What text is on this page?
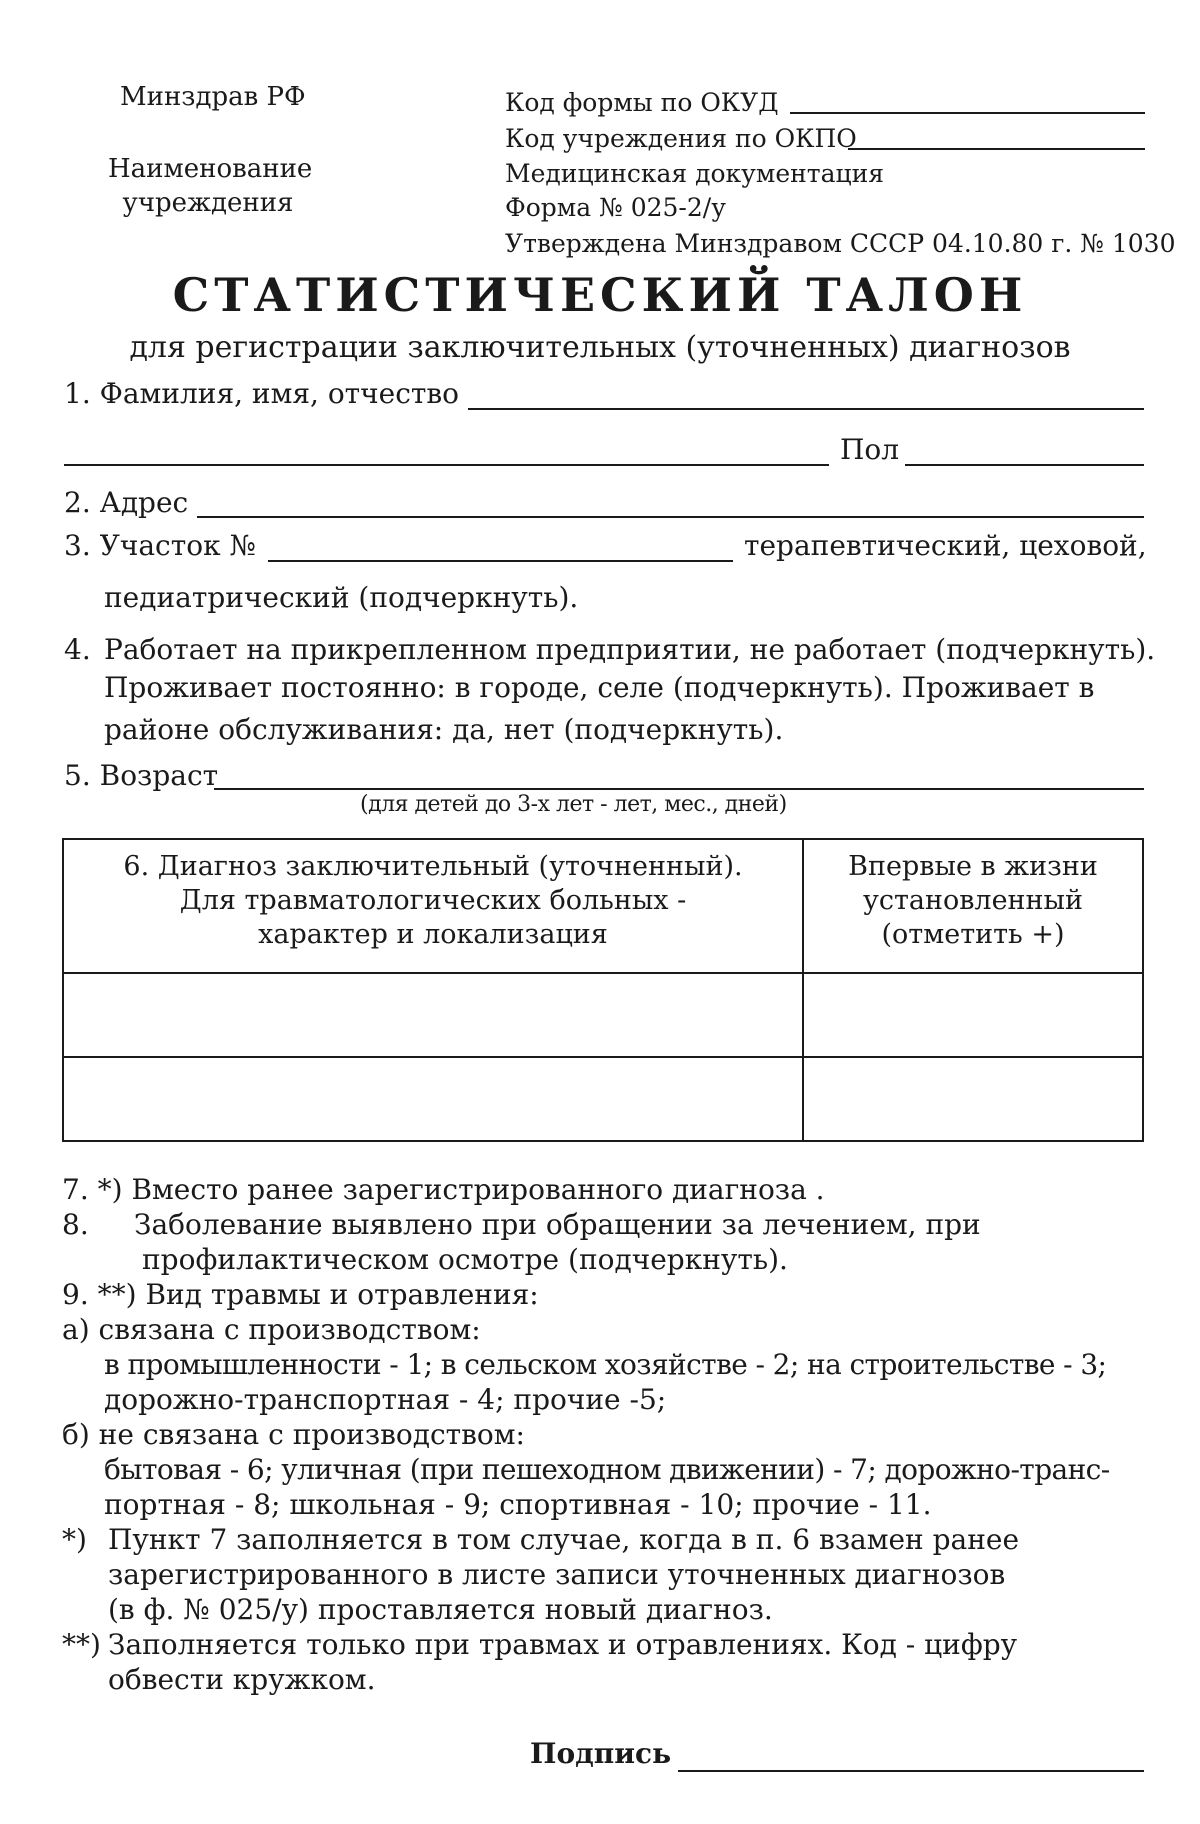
Минздрав РФ
Наименование
учреждения
Код формы по ОКУД
Код учреждения по ОКПО
Медицинская документация
Форма № 025-2/у
Утверждена Минздравом СССР 04.10.80 г. № 1030
СТАТИСТИЧЕСКИЙ ТАЛОН
для регистрации заключительных (уточненных) диагнозов
1. Фамилия, имя, отчество
Пол
2. Адрес
3. Участок №	терапевтический, цеховой,
педиатрический (подчеркнуть).
4. Работает на прикрепленном предприятии, не работает (подчеркнуть).
Проживает постоянно: в городе, селе (подчеркнуть). Проживает в
районе обслуживания: да, нет (подчеркнуть).
5. Возраст
(для детей до 3-х лет - лет, мес., дней)
6. Диагноз заключительный (уточненный).
Для травматологических больных -
характер и локализация	Впервые в жизни
установленный
(отметить +)

7. *) Вместо ранее зарегистрированного диагноза .
8. Заболевание выявлено при обращении за лечением, при
профилактическом осмотре (подчеркнуть).
9. **) Вид травмы и отравления:
а) связана с производством:
в промышленности - 1; в сельском хозяйстве - 2; на строительстве - 3;
дорожно-транспортная - 4; прочие -5;
б) не связана с производством:
бытовая - 6; уличная (при пешеходном движении) - 7; дорожно-транс-
портная - 8; школьная - 9; спортивная - 10; прочие - 11.
*) Пункт 7 заполняется в том случае, когда в п. 6 взамен ранее
зарегистрированного в листе записи уточненных диагнозов
(в ф. № 025/у) проставляется новый диагноз.
**) Заполняется только при травмах и отравлениях. Код - цифру
обвести кружком.
Подпись
